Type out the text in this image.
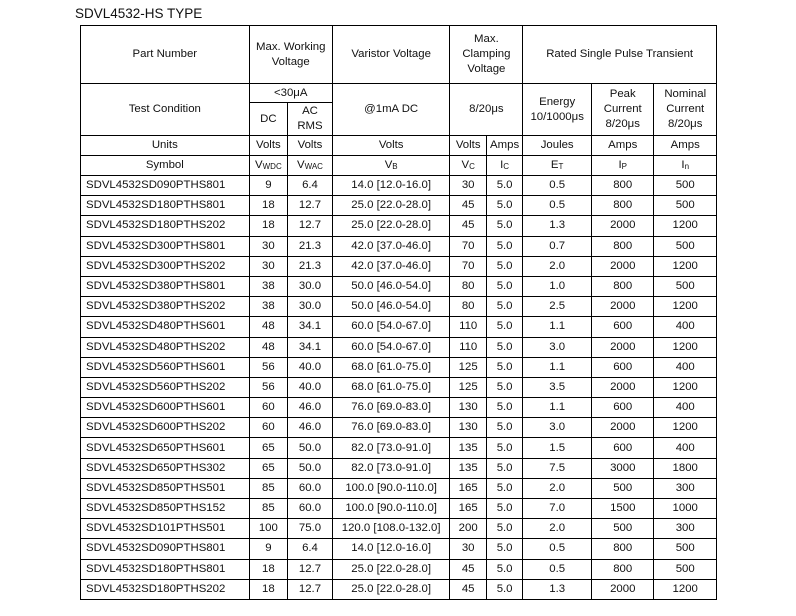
SDVL4532-HS TYPE
Part Number	Max. Working Voltage		Varistor Voltage	Max. Clamping Voltage		Rated Single Pulse Transient		
Test Condition	<30μA		@1mA DC	8/20μs		Energy 10/1000μs	Peak Current 8/20μs	Nominal Current 8/20μs
	DC	AC RMS						
Units	Volts	Volts	Volts	Volts	Amps	Joules	Amps	Amps
Symbol	$V_{WDC}$	$V_{WAC}$	$V_B$	$V_C$	$I_C$	$E_T$	$I_P$	$I_n$
SDVL4532SD090PTHS801	9	6.4	14.0 [12.0-16.0]	30	5.0	0.5	800	500
SDVL4532SD180PTHS801	18	12.7	25.0 [22.0-28.0]	45	5.0	0.5	800	500
SDVL4532SD180PTHS202	18	12.7	25.0 [22.0-28.0]	45	5.0	1.3	2000	1200
SDVL4532SD300PTHS801	30	21.3	42.0 [37.0-46.0]	70	5.0	0.7	800	500
SDVL4532SD300PTHS202	30	21.3	42.0 [37.0-46.0]	70	5.0	2.0	2000	1200
SDVL4532SD380PTHS801	38	30.0	50.0 [46.0-54.0]	80	5.0	1.0	800	500
SDVL4532SD380PTHS202	38	30.0	50.0 [46.0-54.0]	80	5.0	2.5	2000	1200
SDVL4532SD480PTHS601	48	34.1	60.0 [54.0-67.0]	110	5.0	1.1	600	400
SDVL4532SD480PTHS202	48	34.1	60.0 [54.0-67.0]	110	5.0	3.0	2000	1200
SDVL4532SD560PTHS601	56	40.0	68.0 [61.0-75.0]	125	5.0	1.1	600	400
SDVL4532SD560PTHS202	56	40.0	68.0 [61.0-75.0]	125	5.0	3.5	2000	1200
SDVL4532SD600PTHS601	60	46.0	76.0 [69.0-83.0]	130	5.0	1.1	600	400
SDVL4532SD600PTHS202	60	46.0	76.0 [69.0-83.0]	130	5.0	3.0	2000	1200
SDVL4532SD650PTHS601	65	50.0	82.0 [73.0-91.0]	135	5.0	1.5	600	400
SDVL4532SD650PTHS302	65	50.0	82.0 [73.0-91.0]	135	5.0	7.5	3000	1800
SDVL4532SD850PTHS501	85	60.0	100.0 [90.0-110.0]	165	5.0	2.0	500	300
SDVL4532SD850PTHS152	85	60.0	100.0 [90.0-110.0]	165	5.0	7.0	1500	1000
SDVL4532SD101PTHS501	100	75.0	120.0 [108.0-132.0]	200	5.0	2.0	500	300
SDVL4532SD090PTHS801	9	6.4	14.0 [12.0-16.0]	30	5.0	0.5	800	500
SDVL4532SD180PTHS801	18	12.7	25.0 [22.0-28.0]	45	5.0	0.5	800	500
SDVL4532SD180PTHS202	18	12.7	25.0 [22.0-28.0]	45	5.0	1.3	2000	1200
